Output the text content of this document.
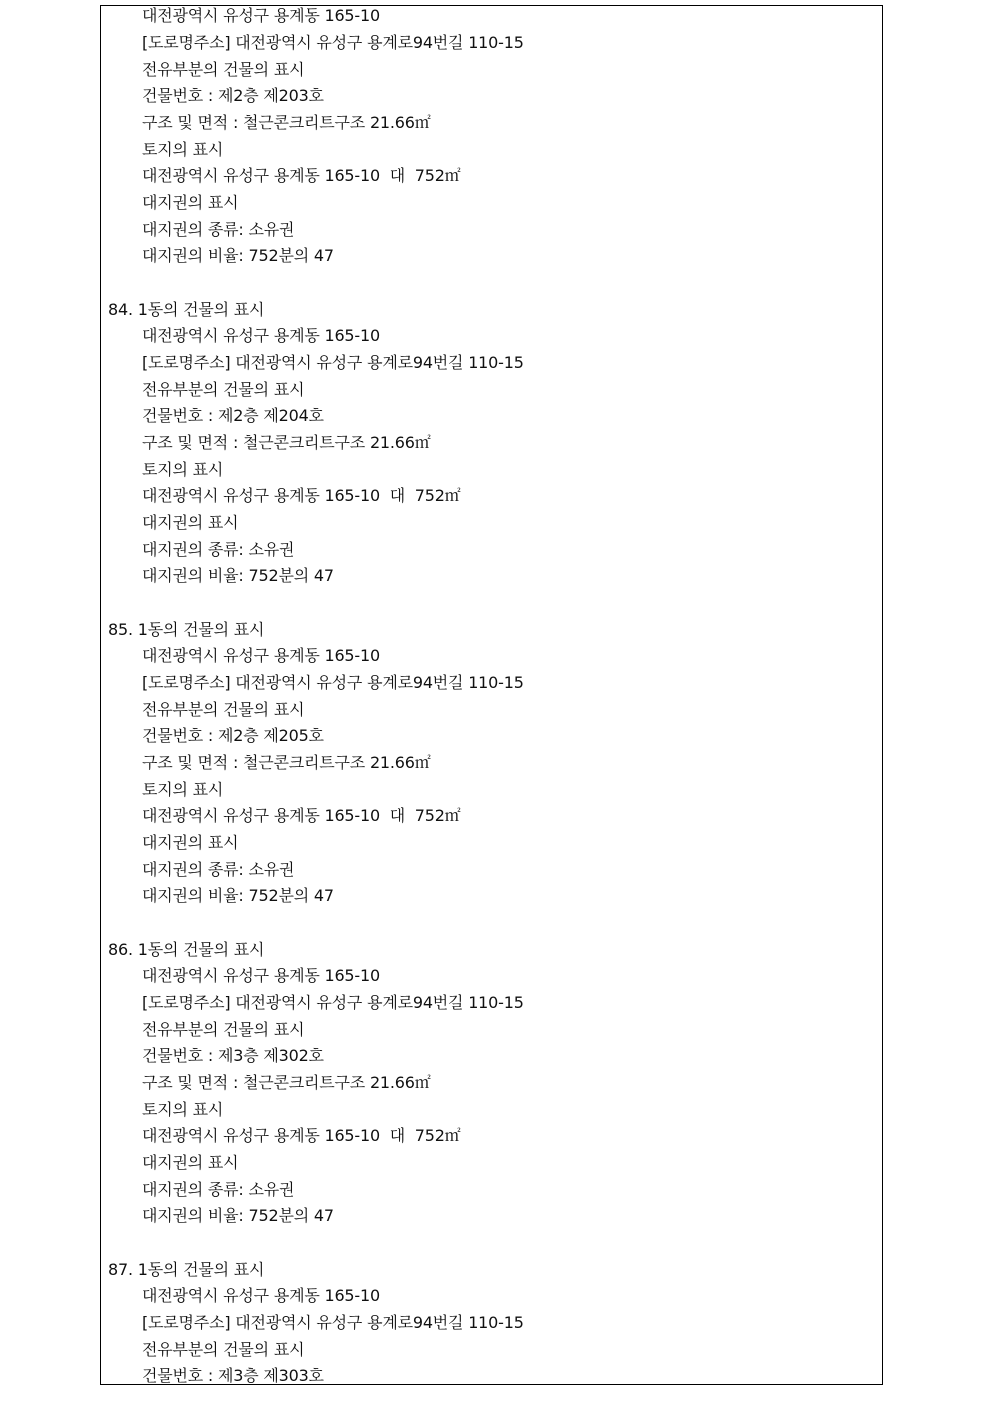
대전광역시 유성구 용계동 165-10
[도로명주소] 대전광역시 유성구 용계로94번길 110-15
전유부분의 건물의 표시
건물번호 : 제2층 제203호
구조 및 면적 : 철근콘크리트구조 21.66㎡
토지의 표시
대전광역시 유성구 용계동 165-10  대  752㎡
대지권의 표시
대지권의 종류: 소유권
대지권의 비율: 752분의 47
84. 1동의 건물의 표시
대전광역시 유성구 용계동 165-10
[도로명주소] 대전광역시 유성구 용계로94번길 110-15
전유부분의 건물의 표시
건물번호 : 제2층 제204호
구조 및 면적 : 철근콘크리트구조 21.66㎡
토지의 표시
대전광역시 유성구 용계동 165-10  대  752㎡
대지권의 표시
대지권의 종류: 소유권
대지권의 비율: 752분의 47
85. 1동의 건물의 표시
대전광역시 유성구 용계동 165-10
[도로명주소] 대전광역시 유성구 용계로94번길 110-15
전유부분의 건물의 표시
건물번호 : 제2층 제205호
구조 및 면적 : 철근콘크리트구조 21.66㎡
토지의 표시
대전광역시 유성구 용계동 165-10  대  752㎡
대지권의 표시
대지권의 종류: 소유권
대지권의 비율: 752분의 47
86. 1동의 건물의 표시
대전광역시 유성구 용계동 165-10
[도로명주소] 대전광역시 유성구 용계로94번길 110-15
전유부분의 건물의 표시
건물번호 : 제3층 제302호
구조 및 면적 : 철근콘크리트구조 21.66㎡
토지의 표시
대전광역시 유성구 용계동 165-10  대  752㎡
대지권의 표시
대지권의 종류: 소유권
대지권의 비율: 752분의 47
87. 1동의 건물의 표시
대전광역시 유성구 용계동 165-10
[도로명주소] 대전광역시 유성구 용계로94번길 110-15
전유부분의 건물의 표시
건물번호 : 제3층 제303호
